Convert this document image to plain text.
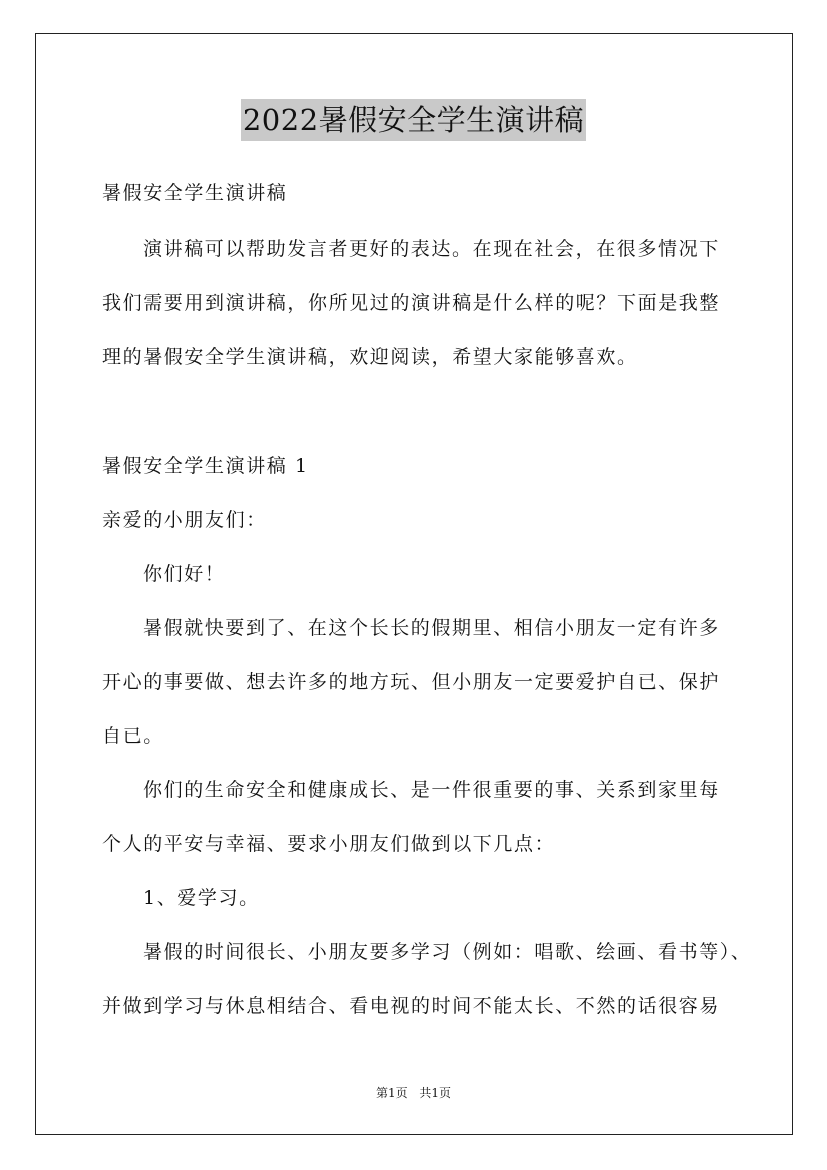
2022暑假安全学生演讲稿
暑假安全学生演讲稿
演讲稿可以帮助发言者更好的表达。在现在社会，在很多情况下
我们需要用到演讲稿，你所见过的演讲稿是什么样的呢？下面是我整
理的暑假安全学生演讲稿，欢迎阅读，希望大家能够喜欢。
暑假安全学生演讲稿 1
亲爱的小朋友们：
你们好！
暑假就快要到了、在这个长长的假期里、相信小朋友一定有许多
开心的事要做、想去许多的地方玩、但小朋友一定要爱护自已、保护
自已。
你们的生命安全和健康成长、是一件很重要的事、关系到家里每
个人的平安与幸福、要求小朋友们做到以下几点：
1、爱学习。
暑假的时间很长、小朋友要多学习（例如：唱歌、绘画、看书等）、
并做到学习与休息相结合、看电视的时间不能太长、不然的话很容易
第1页 共1页
